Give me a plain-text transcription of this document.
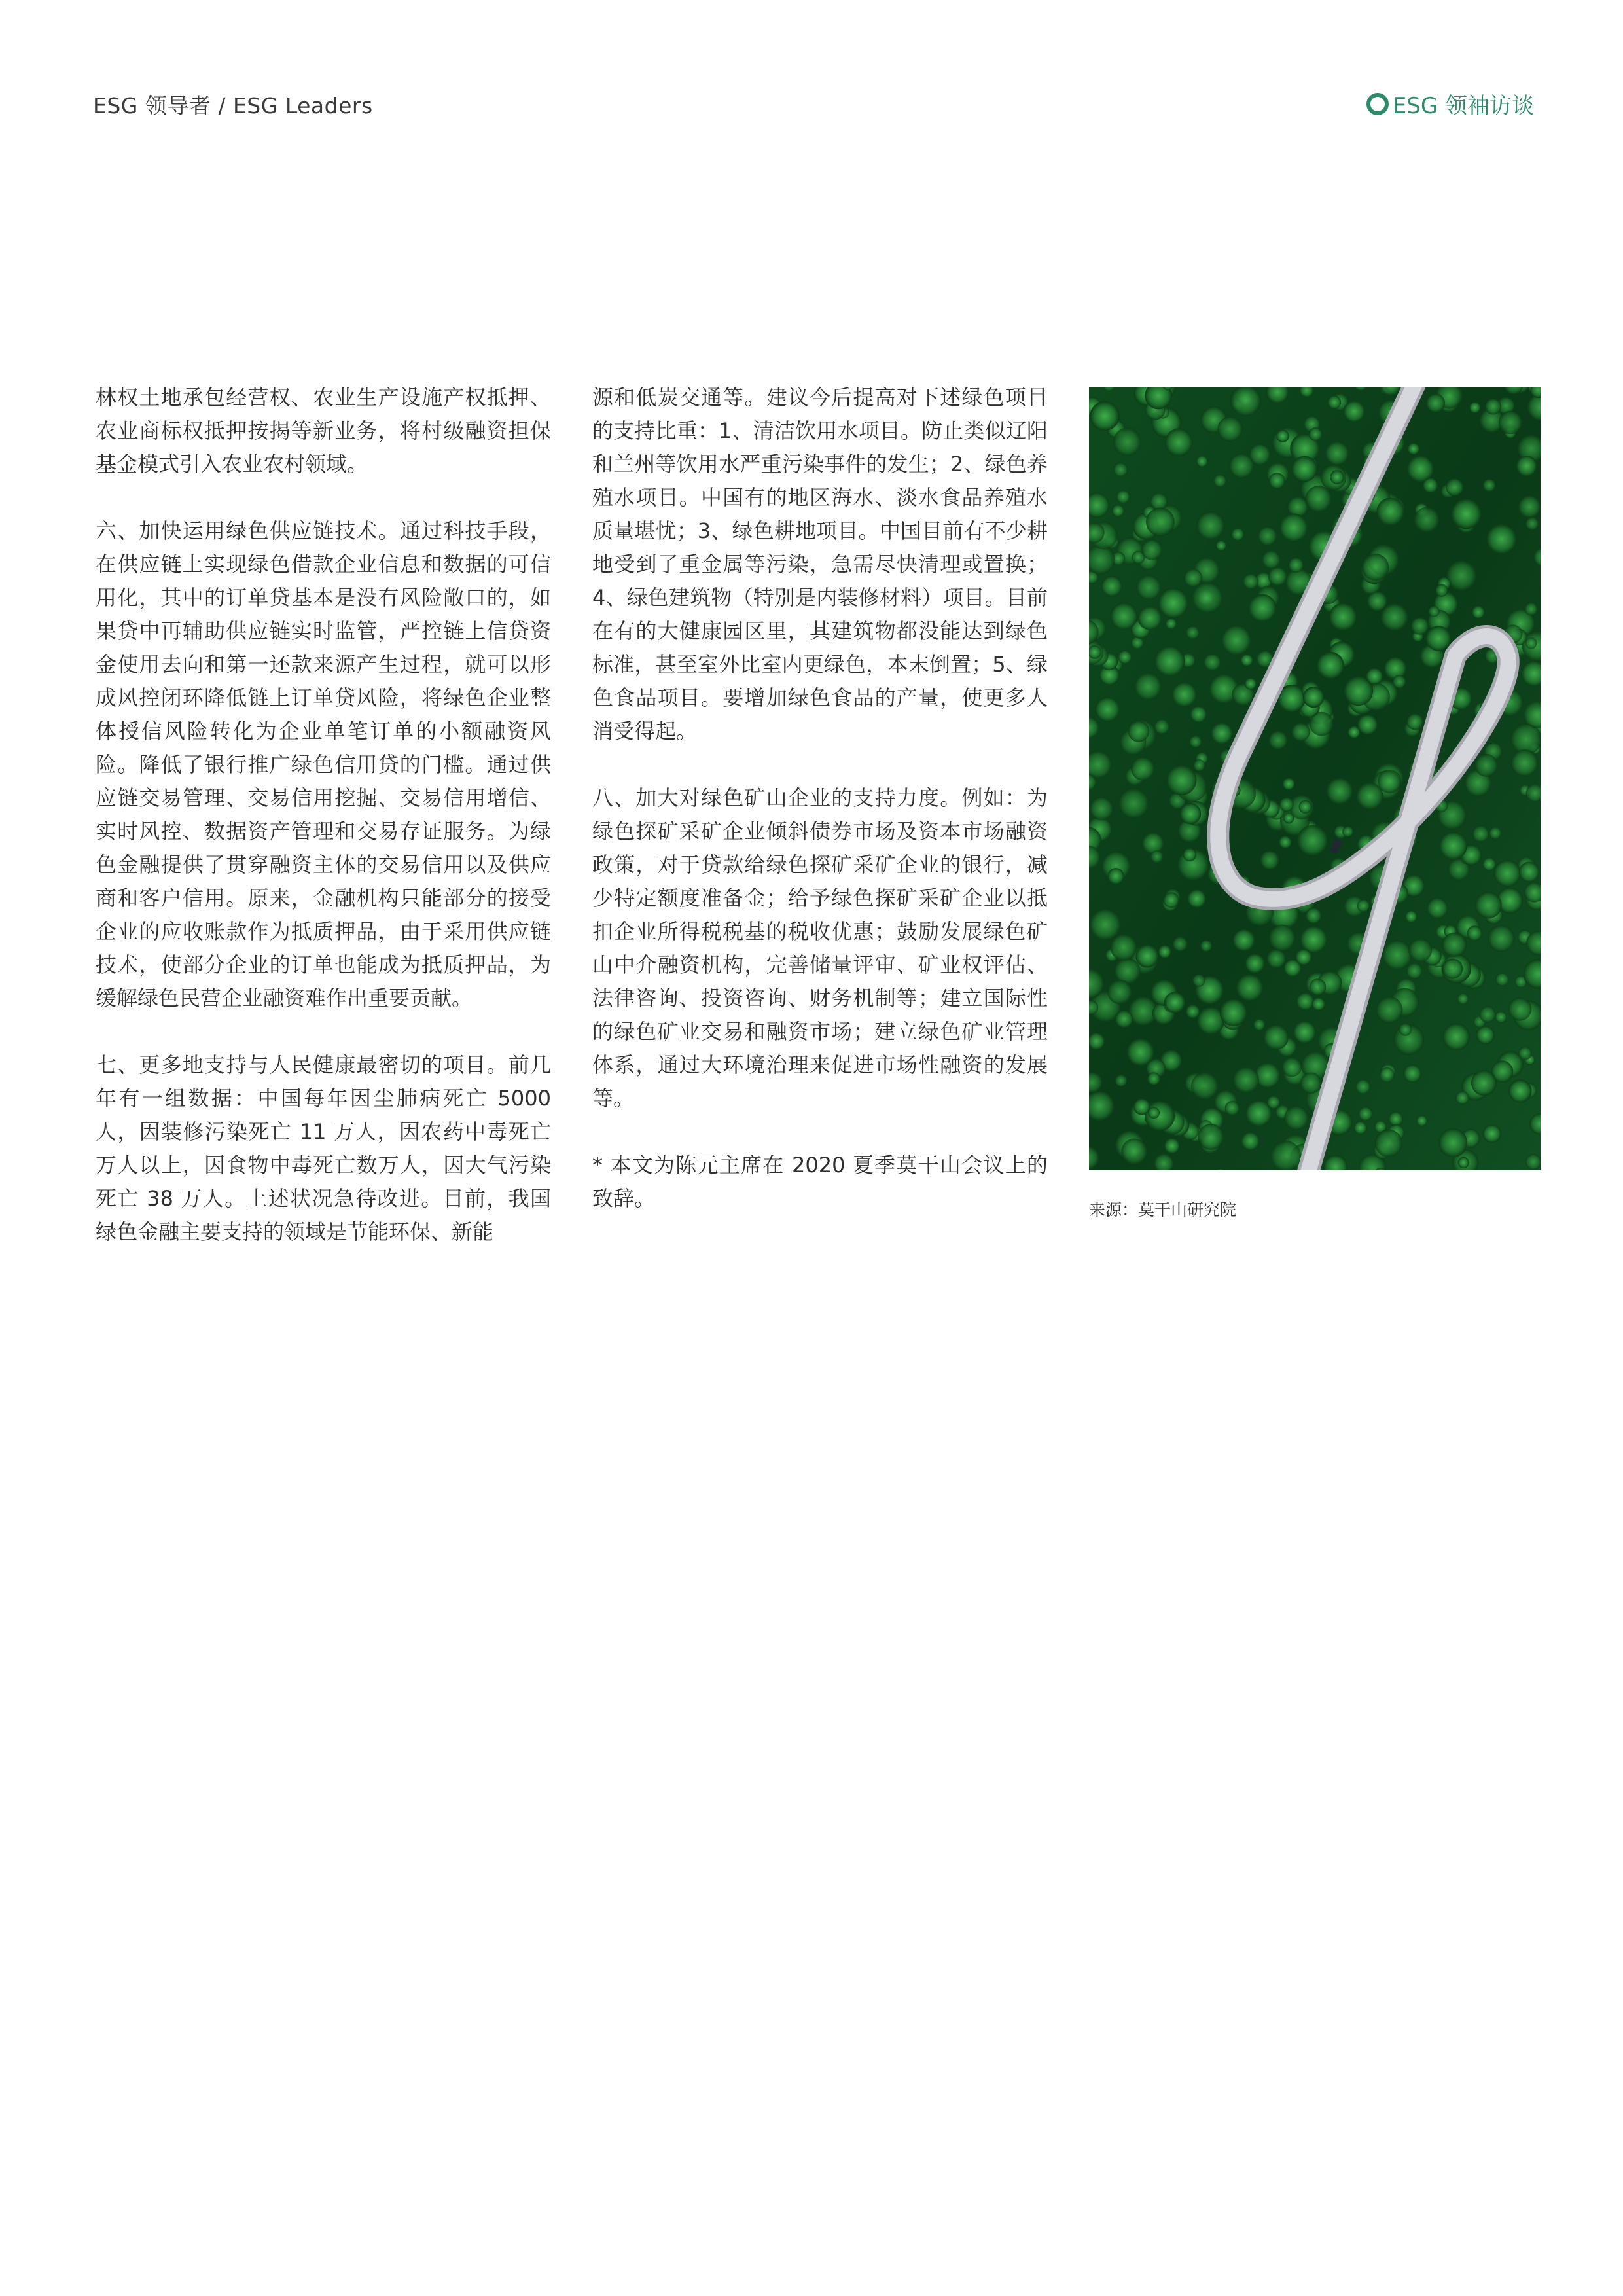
ESG 领导者 / ESG Leaders	ESG 领袖访谈

林权土地承包经营权、农业生产设施产权抵押、农业商标权抵押按揭等新业务，将村级融资担保基金模式引入农业农村领域。

六、加快运用绿色供应链技术。通过科技手段，在供应链上实现绿色借款企业信息和数据的可信用化，其中的订单贷基本是没有风险敞口的，如果贷中再辅助供应链实时监管，严控链上信贷资金使用去向和第一还款来源产生过程，就可以形成风控闭环降低链上订单贷风险，将绿色企业整体授信风险转化为企业单笔订单的小额融资风险。降低了银行推广绿色信用贷的门槛。通过供应链交易管理、交易信用挖掘、交易信用增信、实时风控、数据资产管理和交易存证服务。为绿色金融提供了贯穿融资主体的交易信用以及供应商和客户信用。原来，金融机构只能部分的接受企业的应收账款作为抵质押品，由于采用供应链技术，使部分企业的订单也能成为抵质押品，为缓解绿色民营企业融资难作出重要贡献。

七、更多地支持与人民健康最密切的项目。前几年有一组数据：中国每年因尘肺病死亡 5000人，因装修污染死亡 11 万人，因农药中毒死亡万人以上，因食物中毒死亡数万人，因大气污染死亡 38 万人。上述状况急待改进。目前，我国绿色金融主要支持的领域是节能环保、新能

源和低炭交通等。建议今后提高对下述绿色项目的支持比重：1、清洁饮用水项目。防止类似辽阳和兰州等饮用水严重污染事件的发生；2、绿色养殖水项目。中国有的地区海水、淡水食品养殖水质量堪忧；3、绿色耕地项目。中国目前有不少耕地受到了重金属等污染，急需尽快清理或置换；4、绿色建筑物（特别是内装修材料）项目。目前在有的大健康园区里，其建筑物都没能达到绿色标准，甚至室外比室内更绿色，本末倒置；5、绿色食品项目。要增加绿色食品的产量，使更多人消受得起。

八、加大对绿色矿山企业的支持力度。例如：为绿色探矿采矿企业倾斜债券市场及资本市场融资政策，对于贷款给绿色探矿采矿企业的银行，减少特定额度准备金；给予绿色探矿采矿企业以抵扣企业所得税税基的税收优惠；鼓励发展绿色矿山中介融资机构，完善储量评审、矿业权评估、法律咨询、投资咨询、财务机制等；建立国际性的绿色矿业交易和融资市场；建立绿色矿业管理体系，通过大环境治理来促进市场性融资的发展等。

* 本文为陈元主席在 2020 夏季莫干山会议上的致辞。	来源：莫干山研究院
